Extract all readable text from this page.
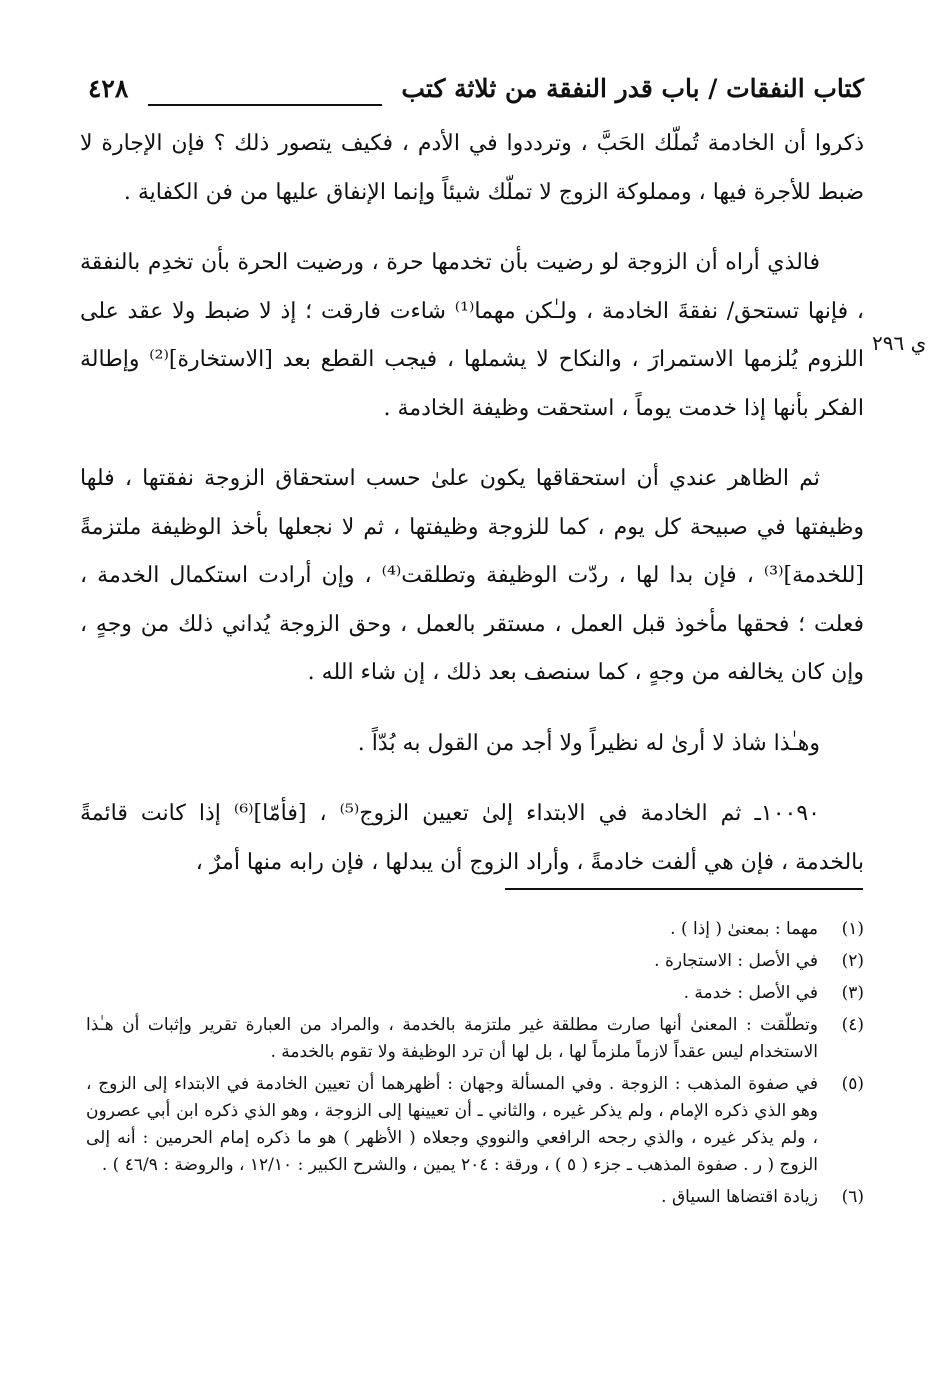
كتاب النفقات / باب قدر النفقة من ثلاثة كتب
٤٢٨
ي ٢٩٦

ذكروا أن الخادمة تُملّك الحَبَّ ، وترددوا في الأدم ، فكيف يتصور ذلك ؟ فإن الإجارة لا ضبط للأجرة فيها ، ومملوكة الزوج لا تملّك شيئاً وإنما الإنفاق عليها من فن الكفاية .

فالذي أراه أن الزوجة لو رضيت بأن تخدمها حرة ، ورضيت الحرة بأن تخدِم بالنفقة ، فإنها تستحق/ نفقةَ الخادمة ، ولـٰكن مهما⁽¹⁾ شاءت فارقت ؛ إذ لا ضبط ولا عقد على اللزوم يُلزمها الاستمرارَ ، والنكاح لا يشملها ، فيجب القطع بعد [الاستخارة]⁽²⁾ وإطالة الفكر بأنها إذا خدمت يوماً ، استحقت وظيفة الخادمة .

ثم الظاهر عندي أن استحقاقها يكون علىٰ حسب استحقاق الزوجة نفقتها ، فلها وظيفتها في صبيحة كل يوم ، كما للزوجة وظيفتها ، ثم لا نجعلها بأخذ الوظيفة ملتزمةً [للخدمة]⁽³⁾ ، فإن بدا لها ، ردّت الوظيفة وتطلقت⁽⁴⁾ ، وإن أرادت استكمال الخدمة ، فعلت ؛ فحقها مأخوذ قبل العمل ، مستقر بالعمل ، وحق الزوجة يُداني ذلك من وجهٍ ، وإن كان يخالفه من وجهٍ ، كما سنصف بعد ذلك ، إن شاء الله .

وهـٰذا شاذ لا أرىٰ له نظيراً ولا أجد من القول به بُدّاً .

١٠٠٩٠ـ ثم الخادمة في الابتداء إلىٰ تعيين الزوج⁽⁵⁾ ، [فأمّا]⁽⁶⁾ إذا كانت قائمةً بالخدمة ، فإن هي ألفت خادمةً ، وأراد الزوج أن يبدلها ، فإن رابه منها أمرٌ ،

(١)
مهما : بمعنىٰ ( إذا ) .
(٢)
في الأصل : الاستجارة .
(٣)
في الأصل : خدمة .
(٤)
وتطلّقت : المعنىٰ أنها صارت مطلقة غير ملتزمة بالخدمة ، والمراد من العبارة تقرير وإثبات أن هـٰذا الاستخدام ليس عقداً لازماً ملزماً لها ، بل لها أن ترد الوظيفة ولا تقوم بالخدمة .
(٥)
في صفوة المذهب : الزوجة . وفي المسألة وجهان : أظهرهما أن تعيين الخادمة في الابتداء إلى الزوج ، وهو الذي ذكره الإمام ، ولم يذكر غيره ، والثاني ـ أن تعيينها إلى الزوجة ، وهو الذي ذكره ابن أبي عصرون ، ولم يذكر غيره ، والذي رجحه الرافعي والنووي وجعلاه ( الأظهر ) هو ما ذكره إمام الحرمين : أنه إلى الزوج ( ر . صفوة المذهب ـ جزء ( ٥ ) ، ورقة : ٢٠٤ يمين ، والشرح الكبير : ١٢/١٠ ، والروضة : ٤٦/٩ ) .
(٦)
زيادة اقتضاها السياق .
